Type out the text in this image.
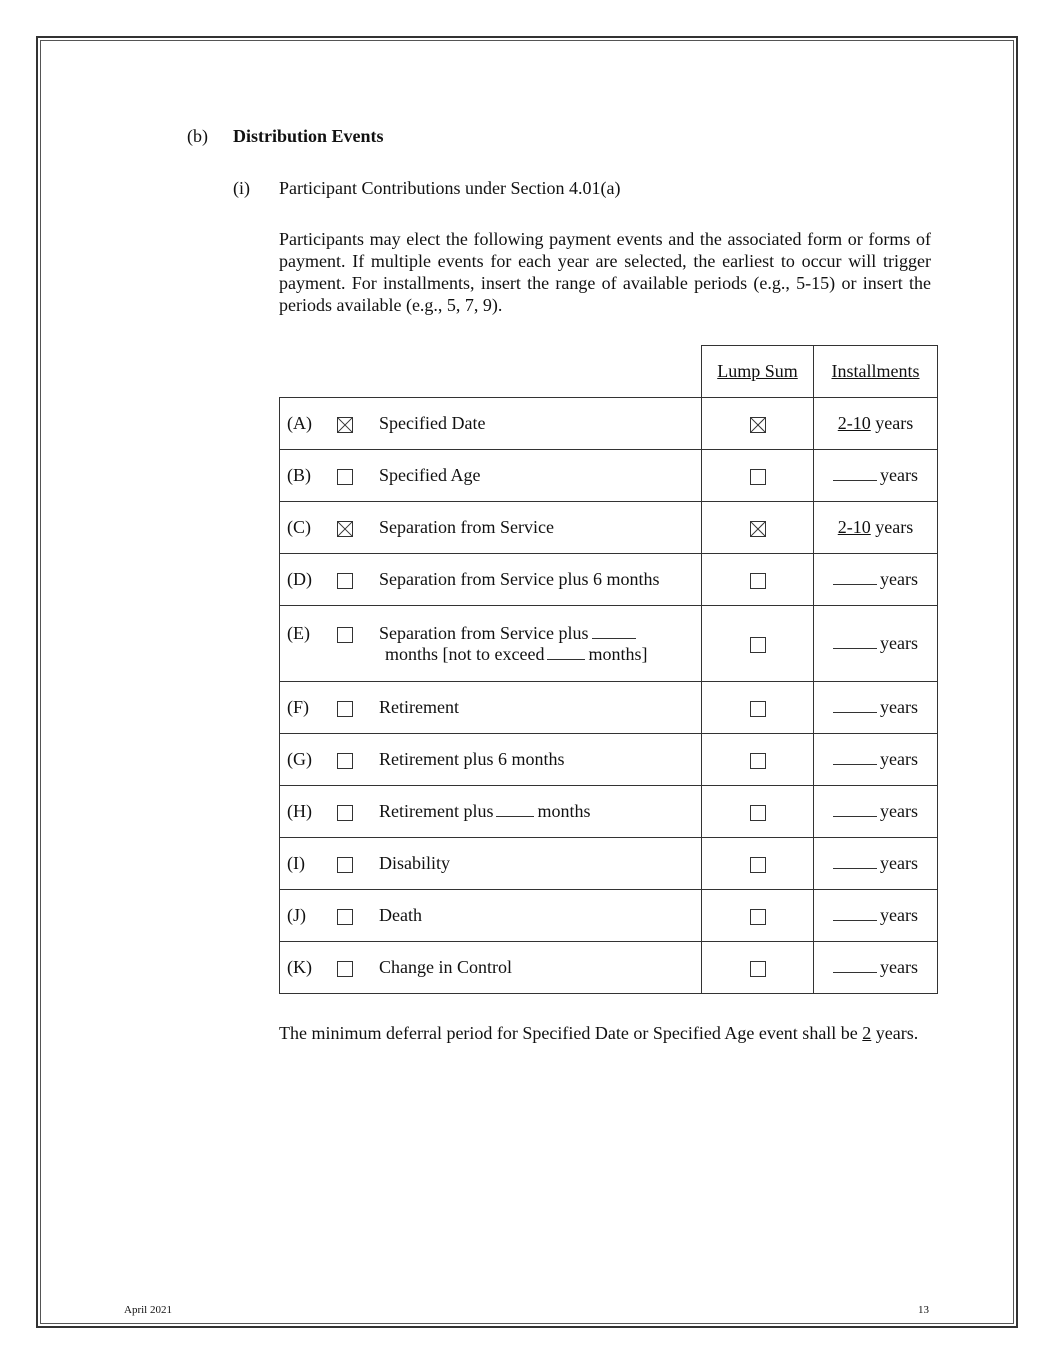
(b) Distribution Events
(i) Participant Contributions under Section 4.01(a)

Participants may elect the following payment events and the associated form or forms of payment. If multiple events for each year are selected, the earliest to occur will trigger payment. For installments, insert the range of available periods (e.g., 5-15) or insert the periods available (e.g., 5, 7, 9).

	Lump Sum	Installments

(A) Specified Date		2-10 years

(B) Specified Age		years

(C) Separation from Service		2-10 years

(D) Separation from Service plus 6 months		years

(E) Separation from Service plus
months [not to exceed months]		years

(F) Retirement		years

(G) Retirement plus 6 months		years

(H) Retirement plus months		years

(I) Disability		years

(J) Death		years

(K) Change in Control		years

The minimum deferral period for Specified Date or Specified Age event shall be 2 years.

April 2021	13
